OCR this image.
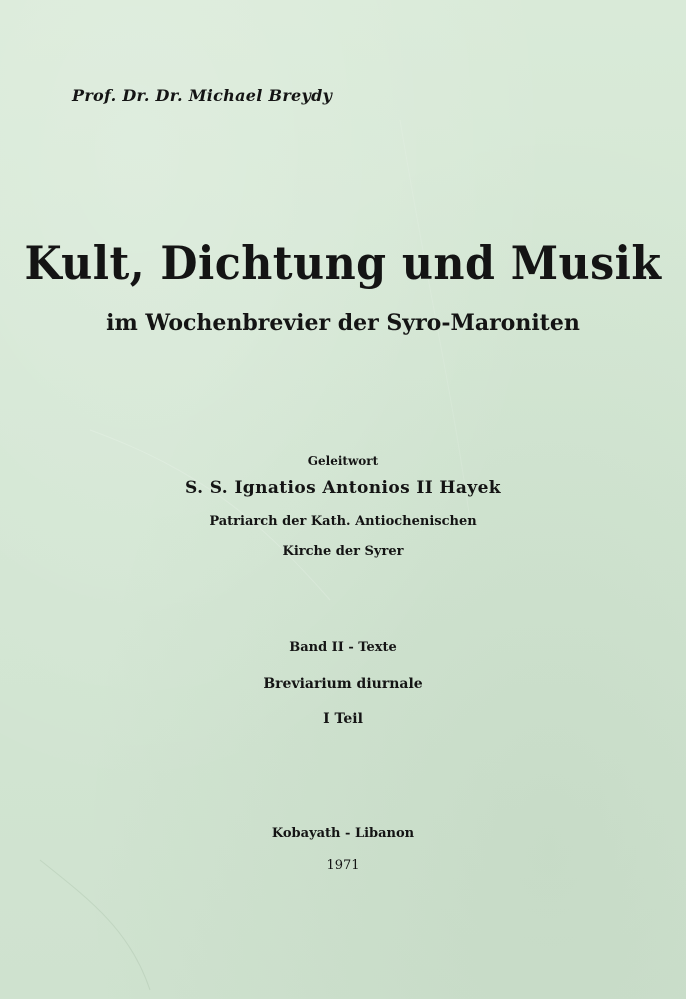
Prof. Dr. Dr. Michael Breydy
Kult, Dichtung und Musik
im Wochenbrevier der Syro-Maroniten
Geleitwort
S. S. Ignatios Antonios II Hayek
Patriarch der Kath. Antiochenischen
Kirche der Syrer
Band II - Texte
Breviarium diurnale
I Teil
Kobayath - Libanon
1971
